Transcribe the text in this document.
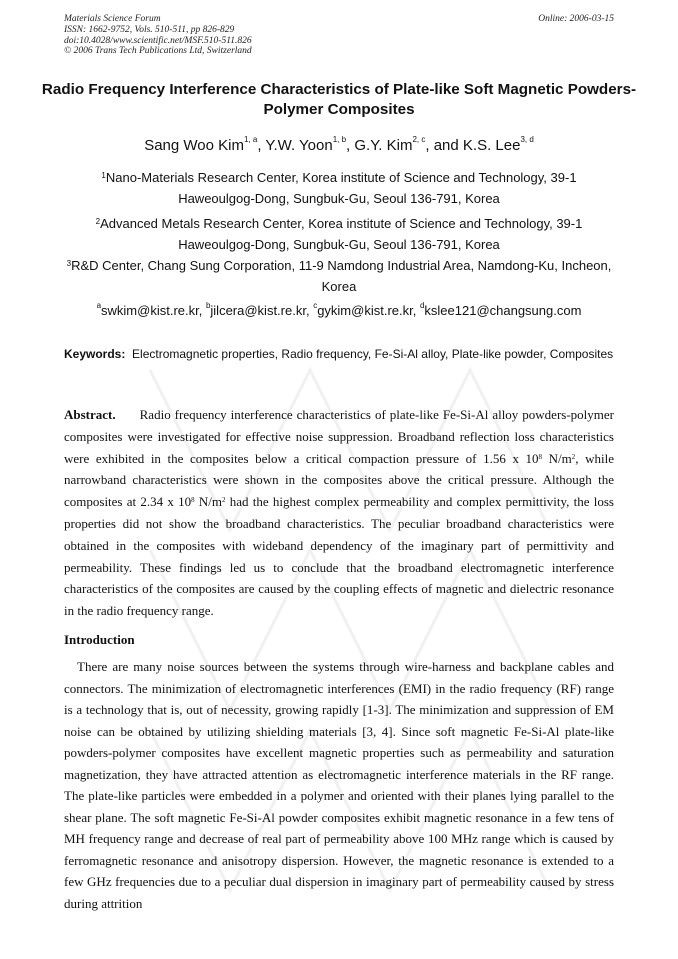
Materials Science Forum
ISSN: 1662-9752, Vols. 510-511, pp 826-829
doi:10.4028/www.scientific.net/MSF.510-511.826
© 2006 Trans Tech Publications Ltd, Switzerland
Online: 2006-03-15
Radio Frequency Interference Characteristics of Plate-like Soft Magnetic Powders-Polymer Composites
Sang Woo Kim$^{1, a}$, Y.W. Yoon$^{1, b}$, G.Y. Kim$^{2, c}$, and K.S. Lee$^{3, d}$
$^1$Nano-Materials Research Center, Korea institute of Science and Technology, 39-1 Haweoulgog-Dong, Sungbuk-Gu, Seoul 136-791, Korea
$^2$Advanced Metals Research Center, Korea institute of Science and Technology, 39-1 Haweoulgog-Dong, Sungbuk-Gu, Seoul 136-791, Korea
$^3$R&D Center, Chang Sung Corporation, 11-9 Namdong Industrial Area, Namdong-Ku, Incheon, Korea
$^a$swkim@kist.re.kr, $^b$jilcera@kist.re.kr, $^c$gykim@kist.re.kr, $^d$kslee121@changsung.com
Keywords: Electromagnetic properties, Radio frequency, Fe-Si-Al alloy, Plate-like powder, Composites
Abstract. Radio frequency interference characteristics of plate-like Fe-Si-Al alloy powders-polymer composites were investigated for effective noise suppression. Broadband reflection loss characteristics were exhibited in the composites below a critical compaction pressure of 1.56 x $10^8$ $N/m^2$, while narrowband characteristics were shown in the composites above the critical pressure. Although the composites at 2.34 x $10^8$ $N/m^2$ had the highest complex permeability and complex permittivity, the loss properties did not show the broadband characteristics. The peculiar broadband characteristics were obtained in the composites with wideband dependency of the imaginary part of permittivity and permeability. These findings led us to conclude that the broadband electromagnetic interference characteristics of the composites are caused by the coupling effects of magnetic and dielectric resonance in the radio frequency range.
Introduction
There are many noise sources between the systems through wire-harness and backplane cables and connectors. The minimization of electromagnetic interferences (EMI) in the radio frequency (RF) range is a technology that is, out of necessity, growing rapidly [1-3]. The minimization and suppression of EM noise can be obtained by utilizing shielding materials [3, 4]. Since soft magnetic Fe-Si-Al plate-like powders-polymer composites have excellent magnetic properties such as permeability and saturation magnetization, they have attracted attention as electromagnetic interference materials in the RF range. The plate-like particles were embedded in a polymer and oriented with their planes lying parallel to the shear plane. The soft magnetic Fe-Si-Al powder composites exhibit magnetic resonance in a few tens of MH frequency range and decrease of real part of permeability above 100 MHz range which is caused by ferromagnetic resonance and anisotropy dispersion. However, the magnetic resonance is extended to a few GHz frequencies due to a peculiar dual dispersion in imaginary part of permeability caused by stress during attrition
